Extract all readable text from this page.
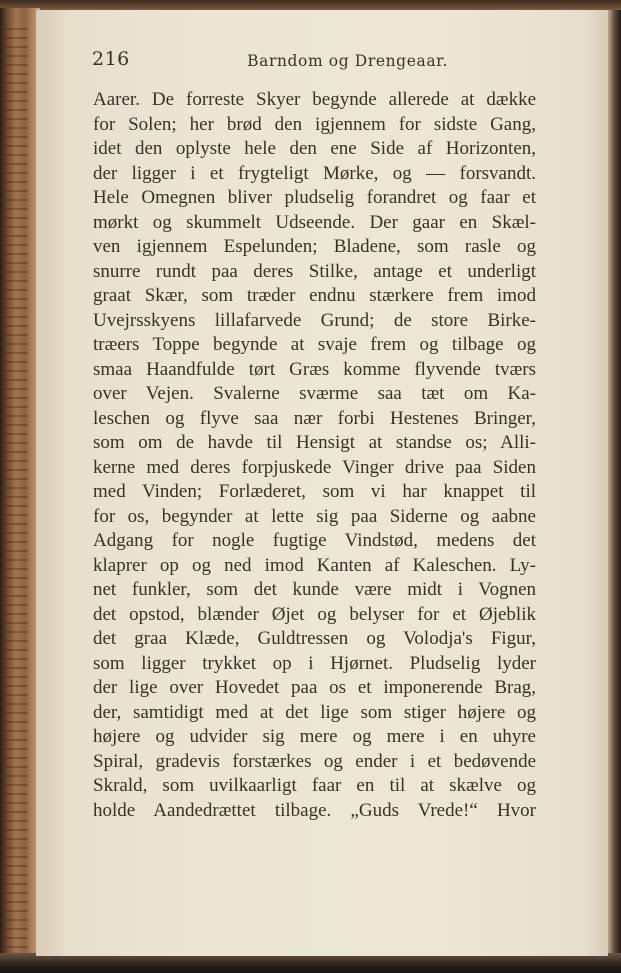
216	Barndom og Drengeaar.
Aarer. De forreste Skyer begynde allerede at dække
for Solen; her brød den igjennem for sidste Gang,
idet den oplyste hele den ene Side af Horizonten,
der ligger i et frygteligt Mørke, og — forsvandt.
Hele Omegnen bliver pludselig forandret og faar et
mørkt og skummelt Udseende. Der gaar en Skæl-
ven igjennem Espelunden; Bladene, som rasle og
snurre rundt paa deres Stilke, antage et underligt
graat Skær, som træder endnu stærkere frem imod
Uvejrsskyens lillafarvede Grund; de store Birke-
træers Toppe begynde at svaje frem og tilbage og
smaa Haandfulde tørt Græs komme flyvende tværs
over Vejen. Svalerne sværme saa tæt om Ka-
leschen og flyve saa nær forbi Hestenes Bringer,
som om de havde til Hensigt at standse os; Alli-
kerne med deres forpjuskede Vinger drive paa Siden
med Vinden; Forlæderet, som vi har knappet til
for os, begynder at lette sig paa Siderne og aabne
Adgang for nogle fugtige Vindstød, medens det
klaprer op og ned imod Kanten af Kaleschen. Ly-
net funkler, som det kunde være midt i Vognen
det opstod, blænder Øjet og belyser for et Øjeblik
det graa Klæde, Guldtressen og Volodja's Figur,
som ligger trykket op i Hjørnet. Pludselig lyder
der lige over Hovedet paa os et imponerende Brag,
der, samtidigt med at det lige som stiger højere og
højere og udvider sig mere og mere i en uhyre
Spiral, gradevis forstærkes og ender i et bedøvende
Skrald, som uvilkaarligt faar en til at skælve og
holde Aandedrættet tilbage. „Guds Vrede!“ Hvor
